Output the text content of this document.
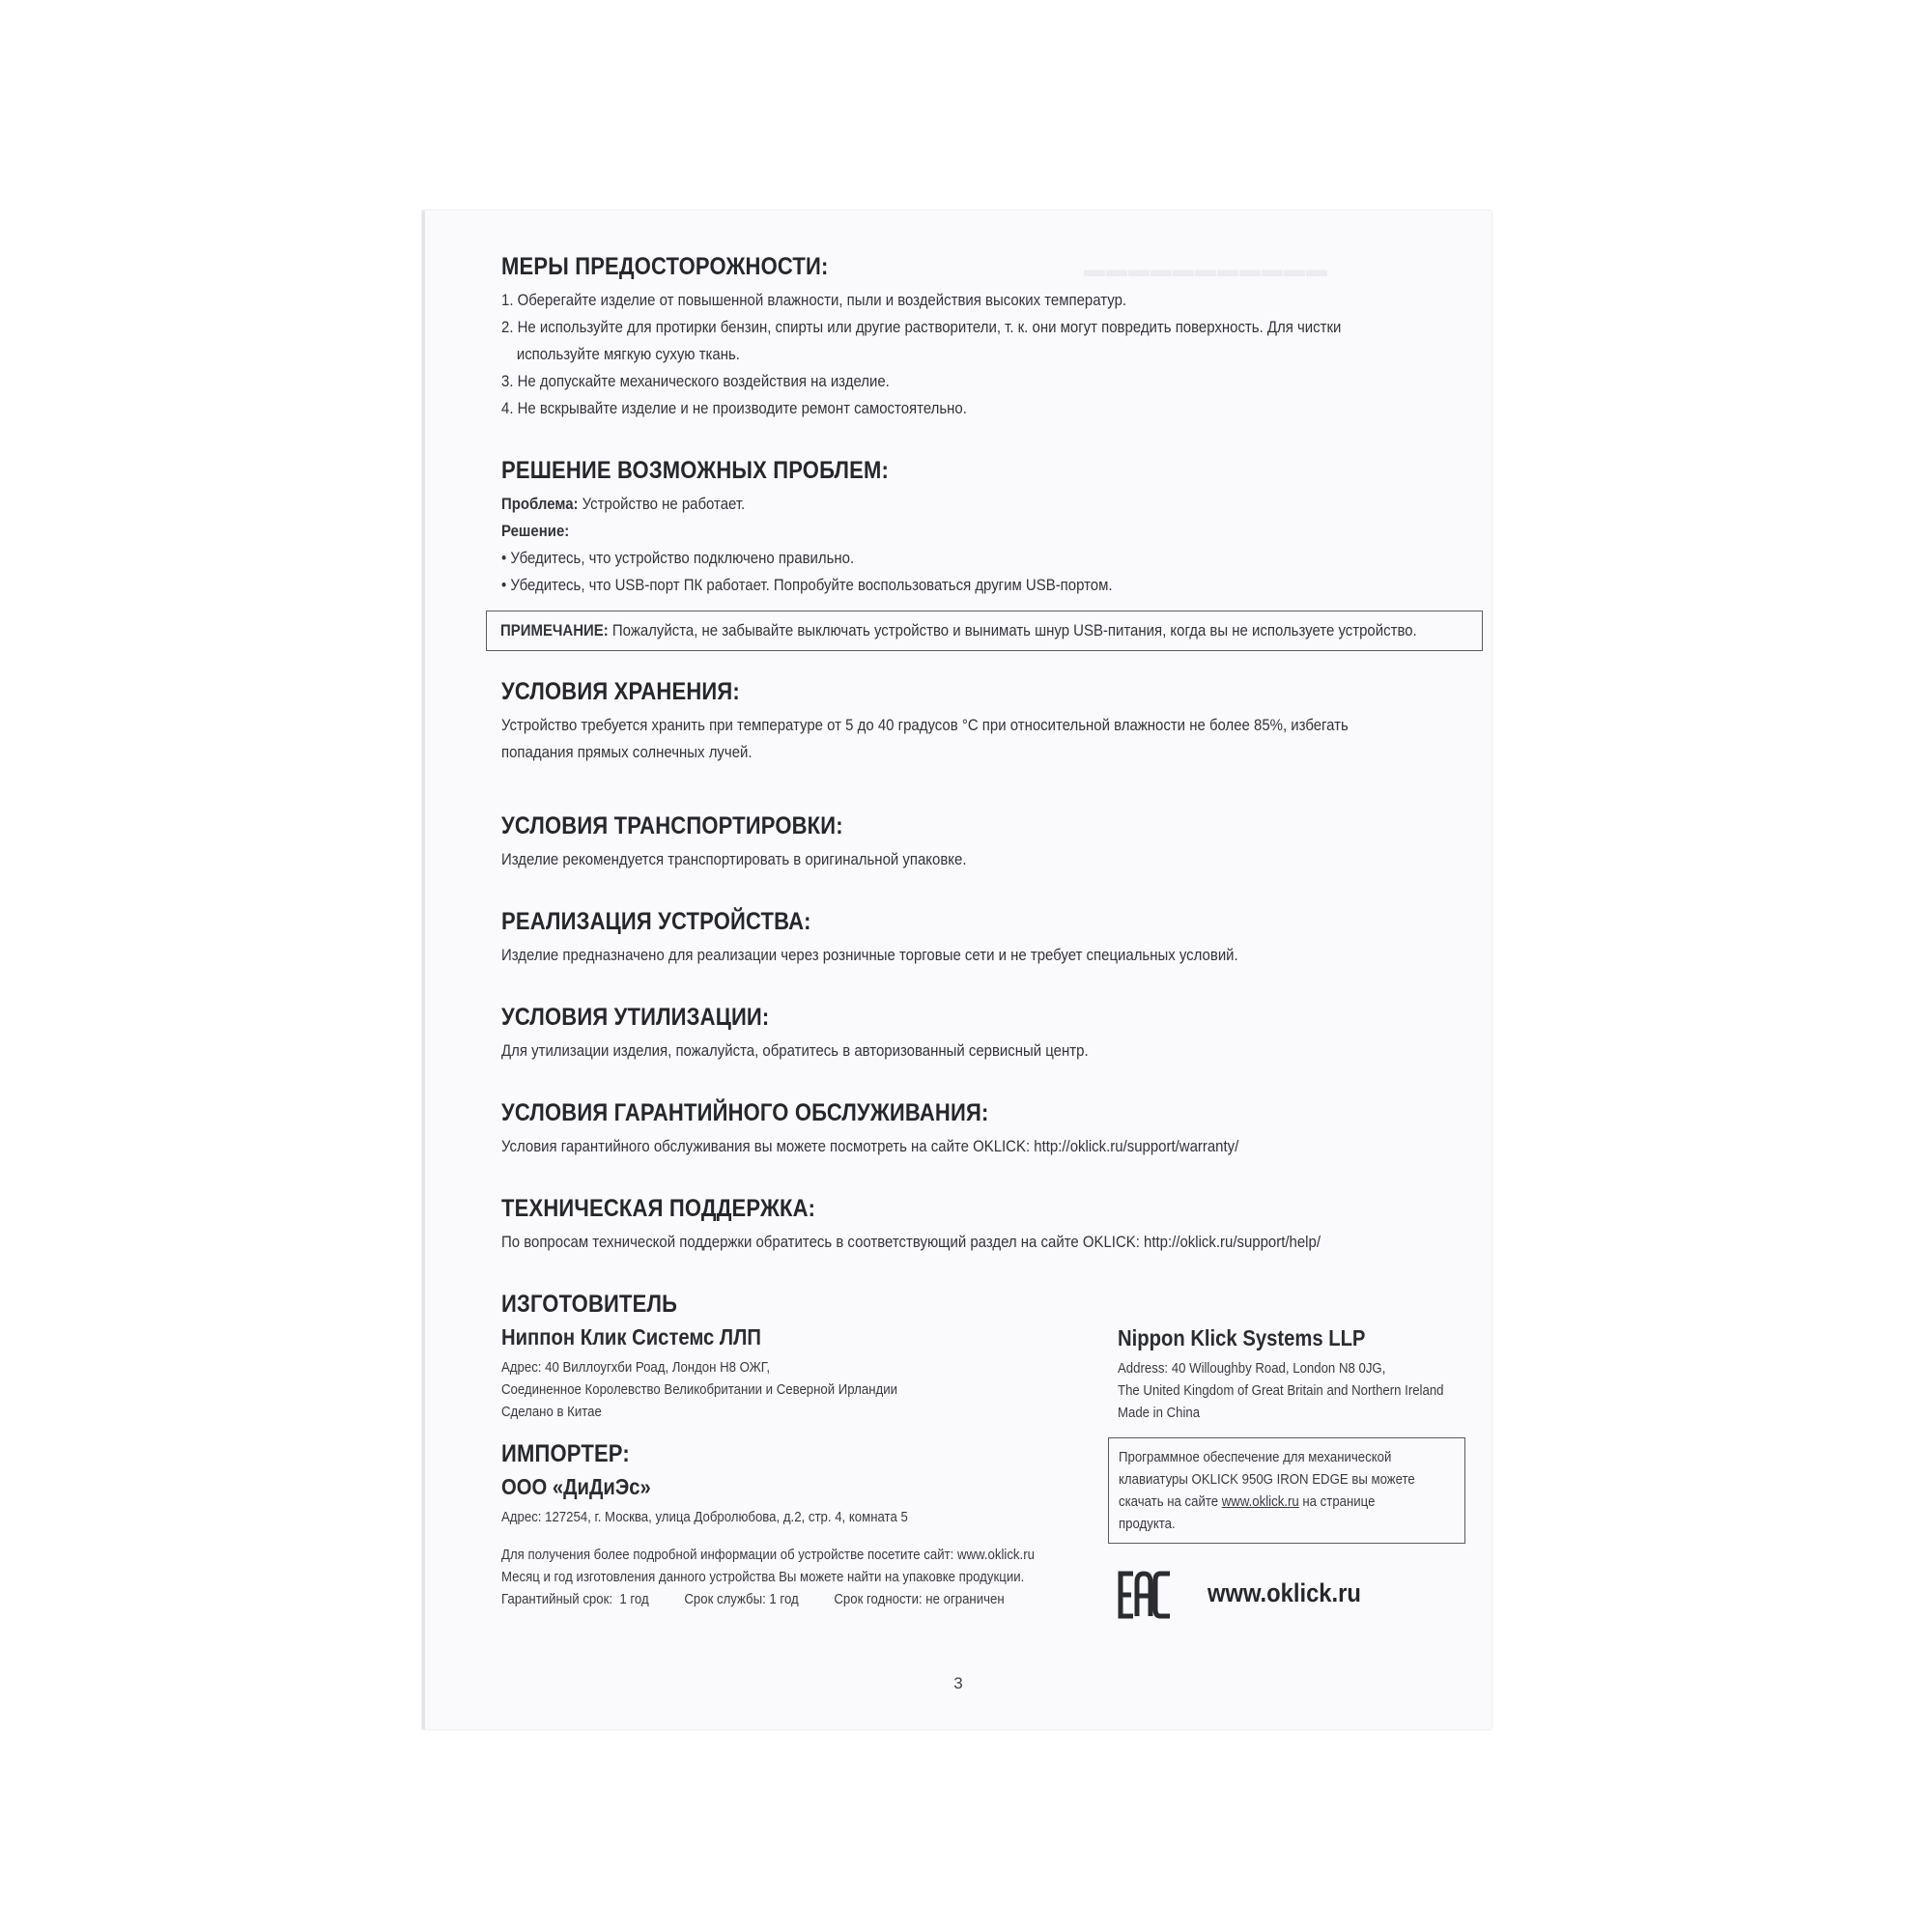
▬▬▬▬▬▬▬▬▬▬▬
МЕРЫ ПРЕДОСТОРОЖНОСТИ:
1. Оберегайте изделие от повышенной влажности, пыли и воздействия высоких температур.
2. Не используйте для протирки бензин, спирты или другие растворители, т. к. они могут повредить поверхность. Для чистки
используйте мягкую сухую ткань.
3. Не допускайте механического воздействия на изделие.
4. Не вскрывайте изделие и не производите ремонт самостоятельно.
РЕШЕНИЕ ВОЗМОЖНЫХ ПРОБЛЕМ:

Проблема: Устройство не работает.

Решение:

• Убедитесь, что устройство подключено правильно.

• Убедитесь, что USB-порт ПК работает. Попробуйте воспользоваться другим USB-портом.

ПРИМЕЧАНИЕ: Пожалуйста, не забывайте выключать устройство и вынимать шнур USB-питания, когда вы не используете устройство.

УСЛОВИЯ ХРАНЕНИЯ:

Устройство требуется хранить при температуре от 5 до 40 градусов °С при относительной влажности не более 85%, избегать

попадания прямых солнечных лучей.

УСЛОВИЯ ТРАНСПОРТИРОВКИ:

Изделие рекомендуется транспортировать в оригинальной упаковке.

РЕАЛИЗАЦИЯ УСТРОЙСТВА:

Изделие предназначено для реализации через розничные торговые сети и не требует специальных условий.

УСЛОВИЯ УТИЛИЗАЦИИ:

Для утилизации изделия, пожалуйста, обратитесь в авторизованный сервисный центр.

УСЛОВИЯ ГАРАНТИЙНОГО ОБСЛУЖИВАНИЯ:

Условия гарантийного обслуживания вы можете посмотреть на сайте OKLICK: http://oklick.ru/support/warranty/

ТЕХНИЧЕСКАЯ ПОДДЕРЖКА:

По вопросам технической поддержки обратитесь в соответствующий раздел на сайте OKLICK: http://oklick.ru/support/help/

ИЗГОТОВИТЕЛЬ
Ниппон Клик Системс ЛЛП

Адрес: 40 Виллоугхби Роад, Лондон Н8 ОЖГ,

Соединенное Королевство Великобритании и Северной Ирландии

Сделано в Китае

ИМПОРТЕР:
ООО «ДиДиЭс»

Адрес: 127254, г. Москва, улица Добролюбова, д.2, стр. 4, комната 5

Nippon Klick Systems LLP

Address: 40 Willoughby Road, London N8 0JG,

The United Kingdom of Great Britain and Northern Ireland

Made in China

Программное обеспечение для механической

клавиатуры OKLICK 950G IRON EDGE вы можете

скачать на сайте www.oklick.ru на странице

продукта.

Для получения более подробной информации об устройстве посетите сайт: www.oklick.ru

Месяц и год изготовления данного устройства Вы можете найти на упаковке продукции.

Гарантийный срок:  1 год          Срок службы: 1 год          Срок годности: не ограничен	www.oklick.ru
3
